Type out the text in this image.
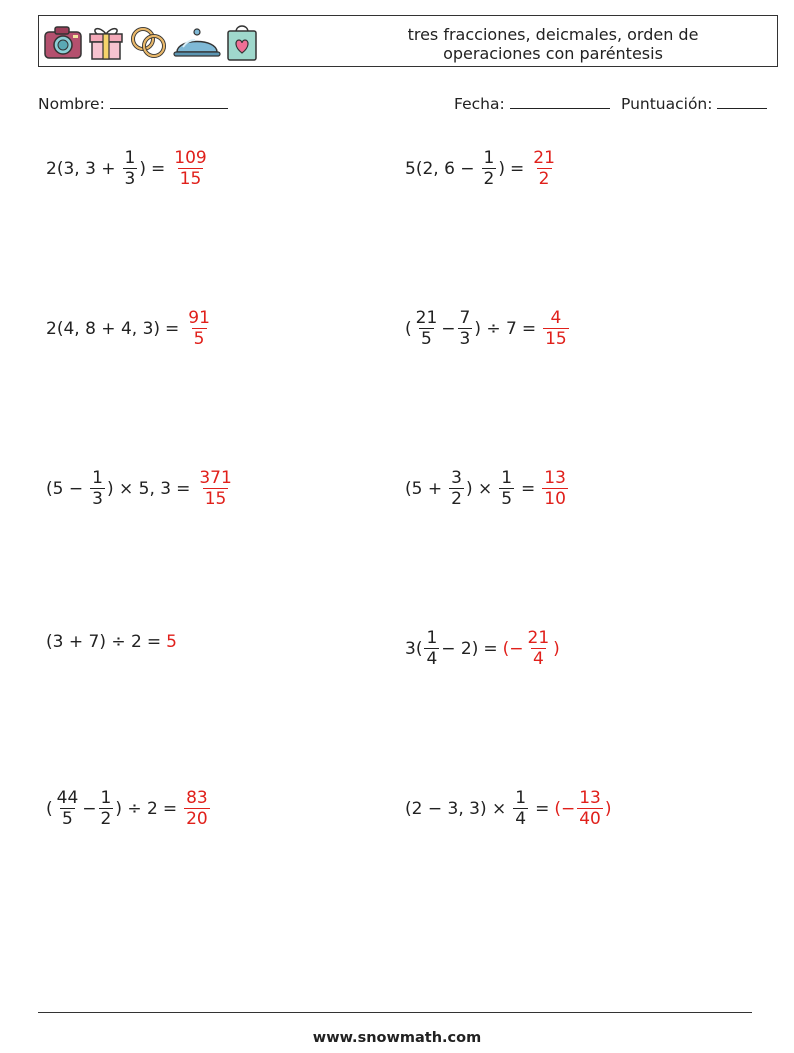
tres fracciones, deicmales, orden de operaciones con paréntesis
Nombre:	Fecha:	Puntuación:
2(3, $3 + \frac{1}{3}$ ) = $\frac{109}{15}$	5(2, $6 - \frac{1}{2}$ ) = $\frac{21}{2}$
2(4, 8 + 4, $3) = \frac{91}{5}$	( $\frac{21}{5} - \frac{7}{3}$ ) ÷ $7 = \frac{4}{15}$
($5 - \frac{1}{3}$ ) × 5, $3 = \frac{371}{15}$	($5 + \frac{3}{2}$ ) × $\frac{1}{5} = \frac{13}{10}$
(3 + 7) ÷ 2 = 5	$3( \frac{1}{4} - 2)$ = (− $\frac{21}{4}$ )
( $\frac{44}{5} - \frac{1}{2}$ ) ÷ $2 = \frac{83}{20}$	(2 − 3, $3) \times \frac{1}{4}$ = (− $\frac{13}{40}$ )
www.snowmath.com
